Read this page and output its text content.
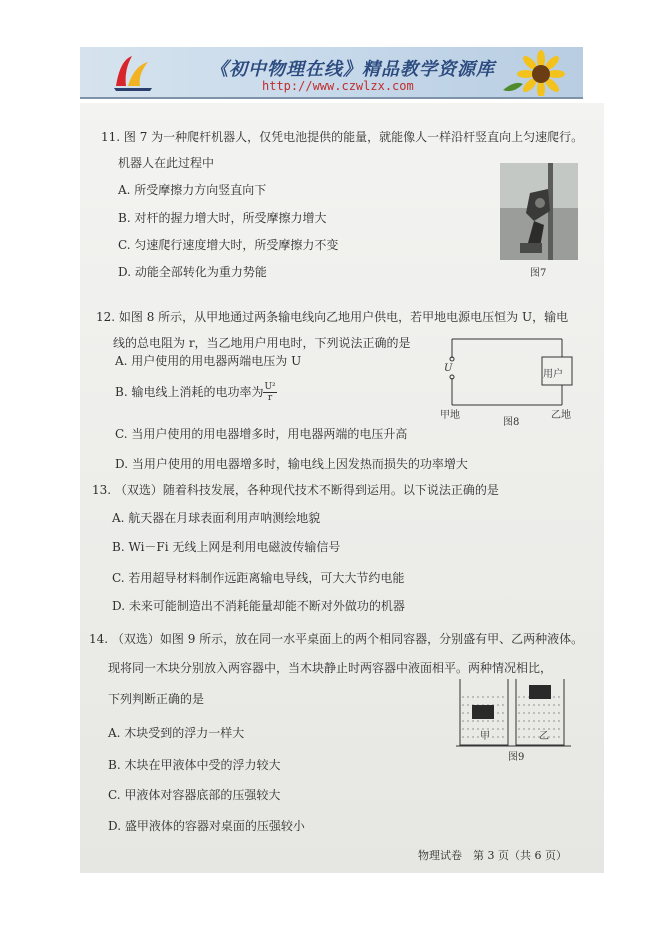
《初中物理在线》精品教学资源库
http://www.czwlzx.com
11. 图 7 为一种爬杆机器人，仅凭电池提供的能量，就能像人一样沿杆竖直向上匀速爬行。
机器人在此过程中
A. 所受摩擦力方向竖直向下
B. 对杆的握力增大时，所受摩擦力增大
C. 匀速爬行速度增大时，所受摩擦力不变
D. 动能全部转化为重力势能	图7
12. 如图 8 所示，从甲地通过两条输电线向乙地用户供电，若甲地电源电压恒为 U，输电
线的总电阻为 r，当乙地用户用电时，下列说法正确的是
A. 用户使用的用电器两端电压为 U
B. 输电线上消耗的电功率为 $\frac{\text{U²}}{r}$
C. 当用户使用的用电器增多时，用电器两端的电压升高
D. 当用户使用的用电器增多时，输电线上因发热而损失的功率增大
U
用户
甲地
图8
乙地
13. （双选）随着科技发展，各种现代技术不断得到运用。以下说法正确的是
A. 航天器在月球表面利用声呐测绘地貌
B. Wi－Fi 无线上网是利用电磁波传输信号
C. 若用超导材料制作远距离输电导线，可大大节约电能
D. 未来可能制造出不消耗能量却能不断对外做功的机器
14. （双选）如图 9 所示，放在同一水平桌面上的两个相同容器，分别盛有甲、乙两种液体。
现将同一木块分别放入两容器中，当木块静止时两容器中液面相平。两种情况相比，
下列判断正确的是
A. 木块受到的浮力一样大
B. 木块在甲液体中受的浮力较大
C. 甲液体对容器底部的压强较大
D. 盛甲液体的容器对桌面的压强较小
甲	乙
图9
物理试卷　第 3 页（共 6 页）
